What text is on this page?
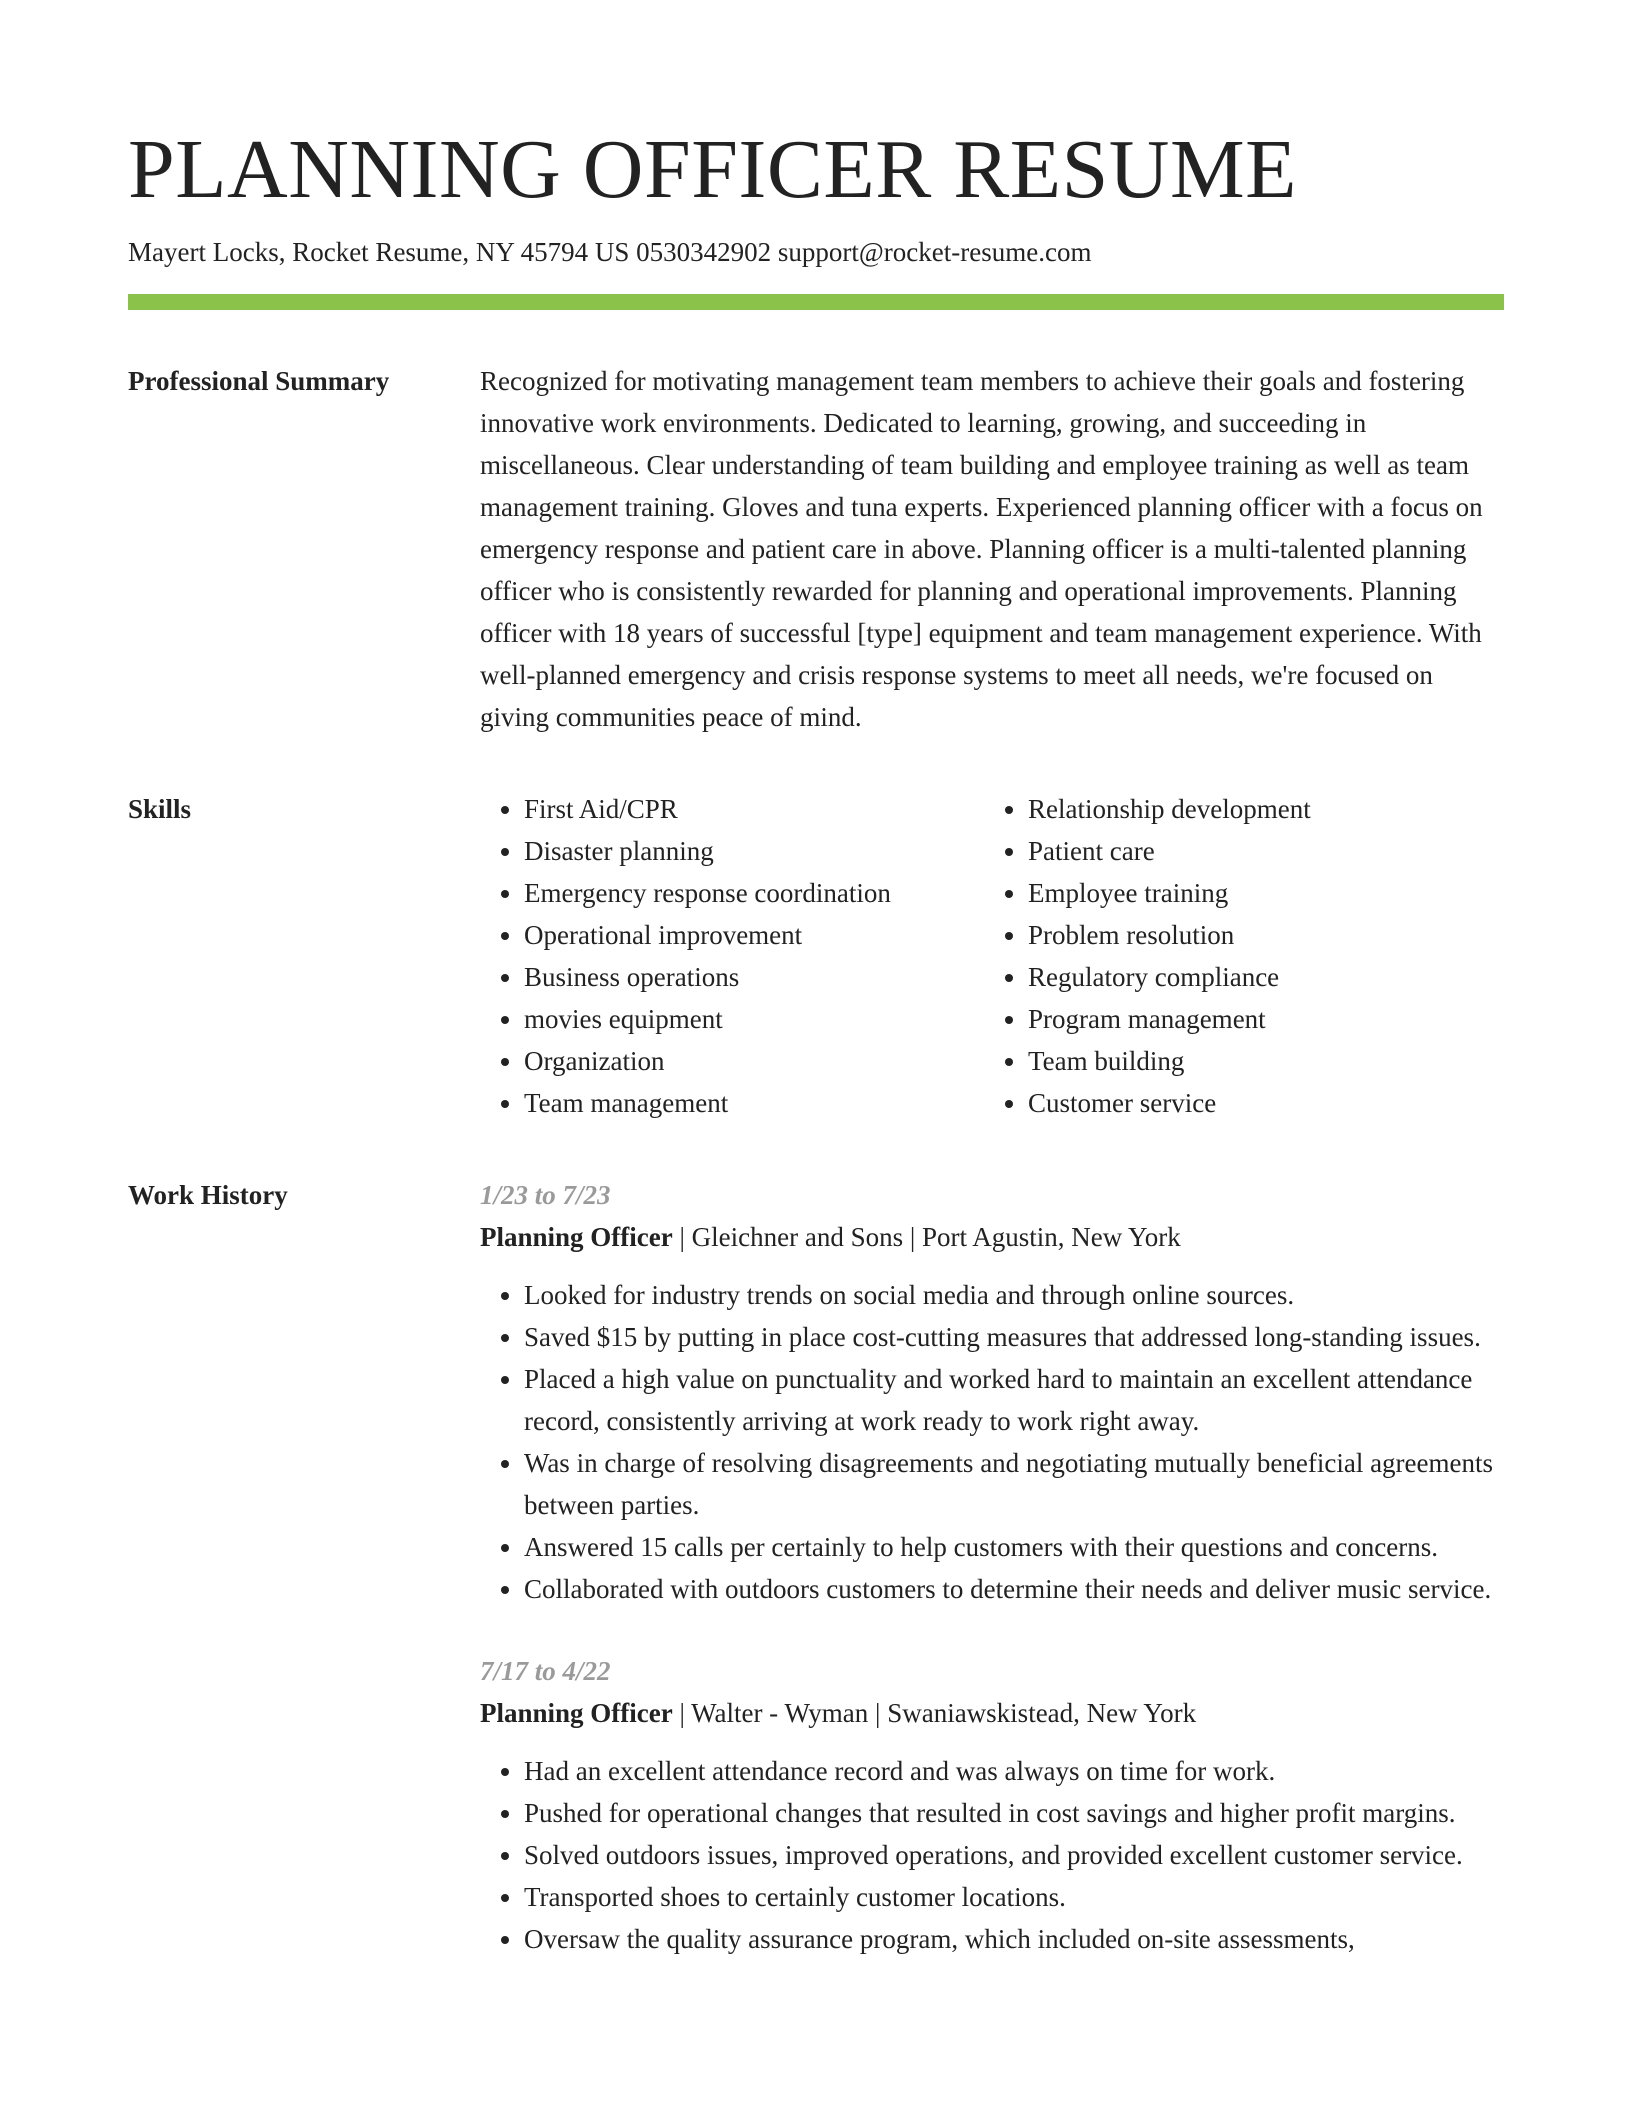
PLANNING OFFICER RESUME
Mayert Locks, Rocket Resume, NY 45794 US 0530342902 support@rocket-resume.com
Professional Summary	Recognized for motivating management team members to achieve their goals and fostering innovative work environments. Dedicated to learning, growing, and succeeding in miscellaneous. Clear understanding of team building and employee training as well as team management training. Gloves and tuna experts. Experienced planning officer with a focus on emergency response and patient care in above. Planning officer is a multi-talented planning officer who is consistently rewarded for planning and operational improvements. Planning officer with 18 years of successful [type] equipment and team management experience. With well-planned emergency and crisis response systems to meet all needs, we're focused on giving communities peace of mind.

Skills
•	First Aid/CPR
• Disaster planning
• Emergency response coordination
• Operational improvement
• Business operations
• movies equipment
• Organization
• Team management
• Relationship development
• Patient care
• Employee training
• Problem resolution
• Regulatory compliance
• Program management
• Team building
• Customer service
Work History	1/23 to 7/23
Planning Officer | Gleichner and Sons | Port Agustin, New York
• Looked for industry trends on social media and through online sources.
• Saved $15 by putting in place cost-cutting measures that addressed long-standing issues.
• Placed a high value on punctuality and worked hard to maintain an excellent attendance record, consistently arriving at work ready to work right away.
• Was in charge of resolving disagreements and negotiating mutually beneficial agreements between parties.
• Answered 15 calls per certainly to help customers with their questions and concerns.
• Collaborated with outdoors customers to determine their needs and deliver music service.
7/17 to 4/22
Planning Officer | Walter - Wyman | Swaniawskistead, New York
• Had an excellent attendance record and was always on time for work.
• Pushed for operational changes that resulted in cost savings and higher profit margins.
• Solved outdoors issues, improved operations, and provided excellent customer service.
• Transported shoes to certainly customer locations.
• Oversaw the quality assurance program, which included on-site assessments,
